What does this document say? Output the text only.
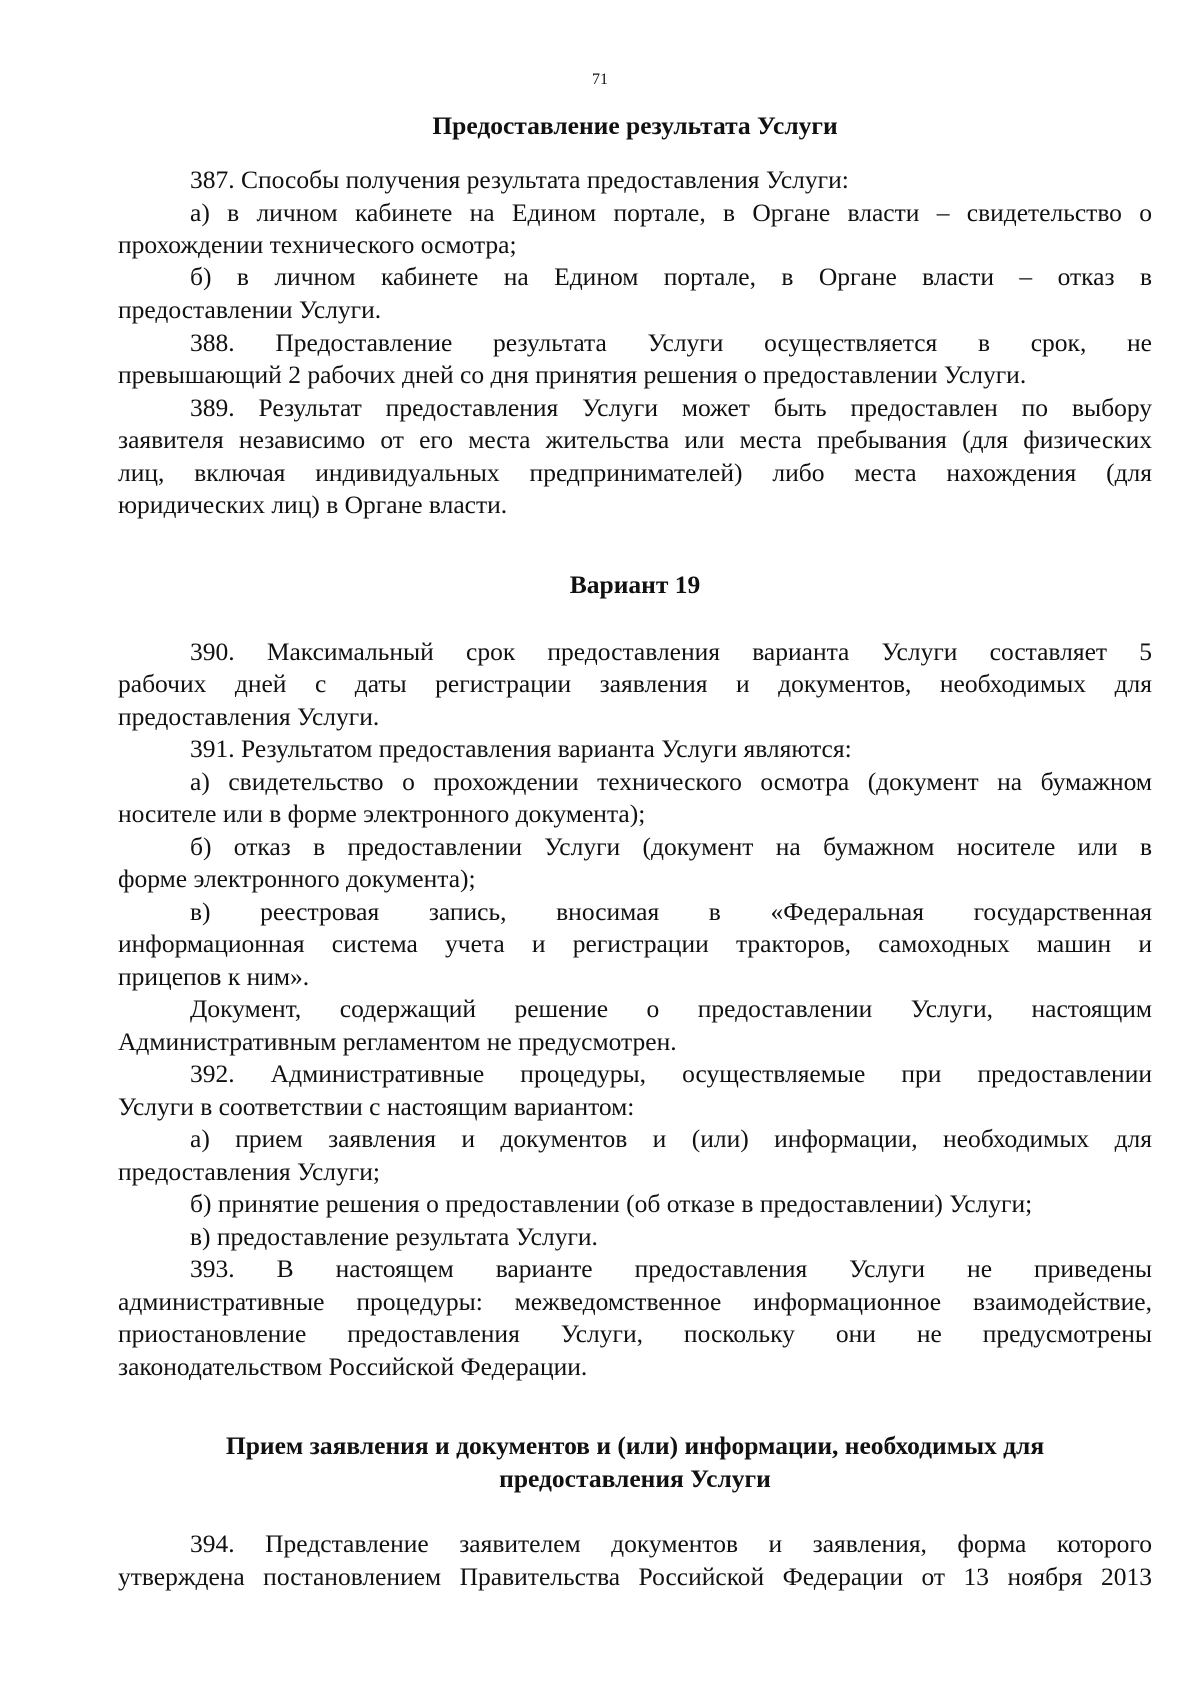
71
Предоставление результата Услуги
387. Способы получения результата предоставления Услуги:
а) в личном кабинете на Едином портале, в Органе власти – свидетельство о
прохождении технического осмотра;
б) в личном кабинете на Едином портале, в Органе власти – отказ в
предоставлении Услуги.
388. Предоставление результата Услуги осуществляется в срок, не
превышающий 2 рабочих дней со дня принятия решения о предоставлении Услуги.
389. Результат предоставления Услуги может быть предоставлен по выбору
заявителя независимо от его места жительства или места пребывания (для физических
лиц, включая индивидуальных предпринимателей) либо места нахождения (для
юридических лиц) в Органе власти.
Вариант 19
390. Максимальный срок предоставления варианта Услуги составляет 5
рабочих дней с даты регистрации заявления и документов, необходимых для
предоставления Услуги.
391. Результатом предоставления варианта Услуги являются:
а) свидетельство о прохождении технического осмотра (документ на бумажном
носителе или в форме электронного документа);
б) отказ в предоставлении Услуги (документ на бумажном носителе или в
форме электронного документа);
в) реестровая запись, вносимая в «Федеральная государственная
информационная система учета и регистрации тракторов, самоходных машин и
прицепов к ним».
Документ, содержащий решение о предоставлении Услуги, настоящим
Административным регламентом не предусмотрен.
392. Административные процедуры, осуществляемые при предоставлении
Услуги в соответствии с настоящим вариантом:
а) прием заявления и документов и (или) информации, необходимых для
предоставления Услуги;
б) принятие решения о предоставлении (об отказе в предоставлении) Услуги;
в) предоставление результата Услуги.
393. В настоящем варианте предоставления Услуги не приведены
административные процедуры: межведомственное информационное взаимодействие,
приостановление предоставления Услуги, поскольку они не предусмотрены
законодательством Российской Федерации.
Прием заявления и документов и (или) информации, необходимых для
предоставления Услуги
394. Представление заявителем документов и заявления, форма которого
утверждена постановлением Правительства Российской Федерации от 13 ноября 2013
